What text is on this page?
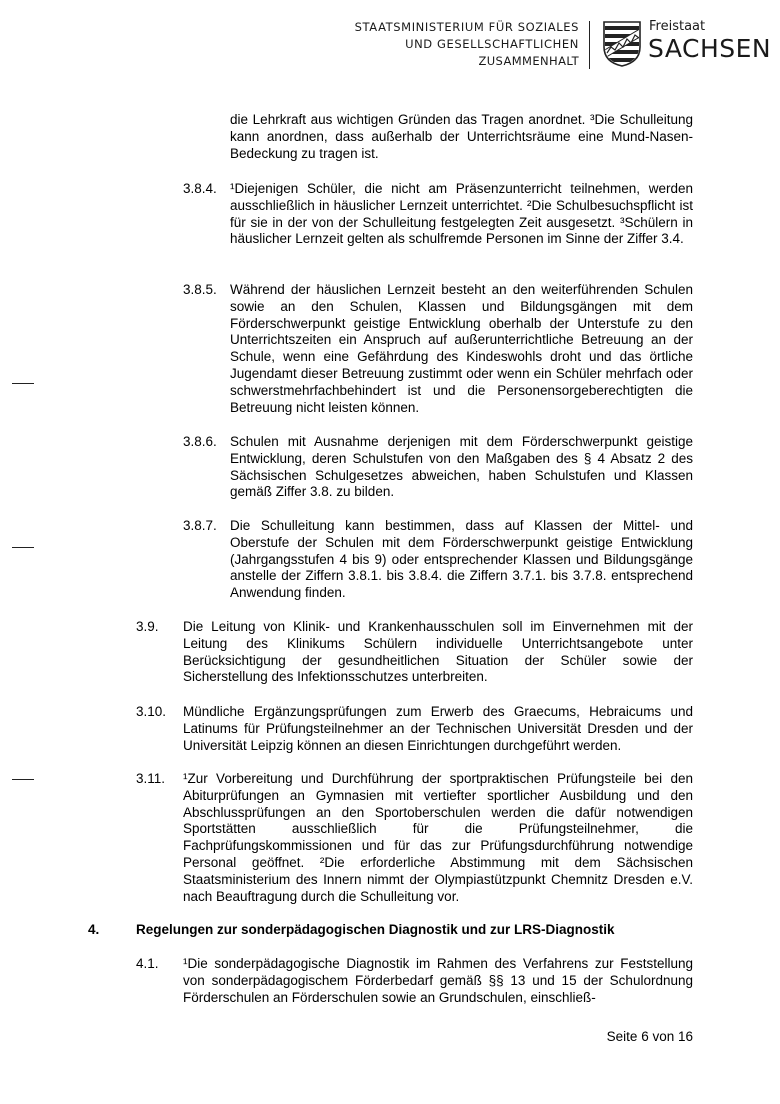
STAATSMINISTERIUM FÜR SOZIALES
UND GESELLSCHAFTLICHEN
ZUSAMMENHALT
Freistaat
SACHSEN

die Lehrkraft aus wichtigen Gründen das Tragen anordnet. ³Die Schulleitung kann anordnen, dass außerhalb der Unterrichtsräume eine Mund-Nasen-Bedeckung zu tragen ist.

3.8.4. ¹Diejenigen Schüler, die nicht am Präsenzunterricht teilnehmen, werden ausschließlich in häuslicher Lernzeit unterrichtet. ²Die Schulbesuchspflicht ist für sie in der von der Schulleitung festgelegten Zeit ausgesetzt. ³Schülern in häuslicher Lernzeit gelten als schulfremde Personen im Sinne der Ziffer 3.4.

3.8.5. Während der häuslichen Lernzeit besteht an den weiterführenden Schulen sowie an den Schulen, Klassen und Bildungsgängen mit dem Förderschwerpunkt geistige Entwicklung oberhalb der Unterstufe zu den Unterrichtszeiten ein Anspruch auf außerunterrichtliche Betreuung an der Schule, wenn eine Gefährdung des Kindeswohls droht und das örtliche Jugendamt dieser Betreuung zustimmt oder wenn ein Schüler mehrfach oder schwerstmehrfachbehindert ist und die Personensorgeberechtigten die Betreuung nicht leisten können.

3.8.6. Schulen mit Ausnahme derjenigen mit dem Förderschwerpunkt geistige Entwicklung, deren Schulstufen von den Maßgaben des § 4 Absatz 2 des Sächsischen Schulgesetzes abweichen, haben Schulstufen und Klassen gemäß Ziffer 3.8. zu bilden.

3.8.7. Die Schulleitung kann bestimmen, dass auf Klassen der Mittel- und Oberstufe der Schulen mit dem Förderschwerpunkt geistige Entwicklung (Jahrgangsstufen 4 bis 9) oder entsprechender Klassen und Bildungsgänge anstelle der Ziffern 3.8.1. bis 3.8.4. die Ziffern 3.7.1. bis 3.7.8. entsprechend Anwendung finden.

3.9. Die Leitung von Klinik- und Krankenhausschulen soll im Einvernehmen mit der Leitung des Klinikums Schülern individuelle Unterrichtsangebote unter Berücksichtigung der gesundheitlichen Situation der Schüler sowie der Sicherstellung des Infektionsschutzes unterbreiten.

3.10. Mündliche Ergänzungsprüfungen zum Erwerb des Graecums, Hebraicums und Latinums für Prüfungsteilnehmer an der Technischen Universität Dresden und der Universität Leipzig können an diesen Einrichtungen durchgeführt werden.

3.11. ¹Zur Vorbereitung und Durchführung der sportpraktischen Prüfungsteile bei den Abiturprüfungen an Gymnasien mit vertiefter sportlicher Ausbildung und den Abschlussprüfungen an den Sportoberschulen werden die dafür notwendigen Sportstätten ausschließlich für die Prüfungsteilnehmer, die Fachprüfungskommissionen und für das zur Prüfungsdurchführung notwendige Personal geöffnet. ²Die erforderliche Abstimmung mit dem Sächsischen Staatsministerium des Innern nimmt der Olympiastützpunkt Chemnitz Dresden e.V. nach Beauftragung durch die Schulleitung vor.

4.	Regelungen zur sonderpädagogischen Diagnostik und zur LRS-Diagnostik
4.1. ¹Die sonderpädagogische Diagnostik im Rahmen des Verfahrens zur Feststellung von sonderpädagogischem Förderbedarf gemäß §§ 13 und 15 der Schulordnung Förderschulen an Förderschulen sowie an Grundschulen, einschließ-

Seite 6 von 16
